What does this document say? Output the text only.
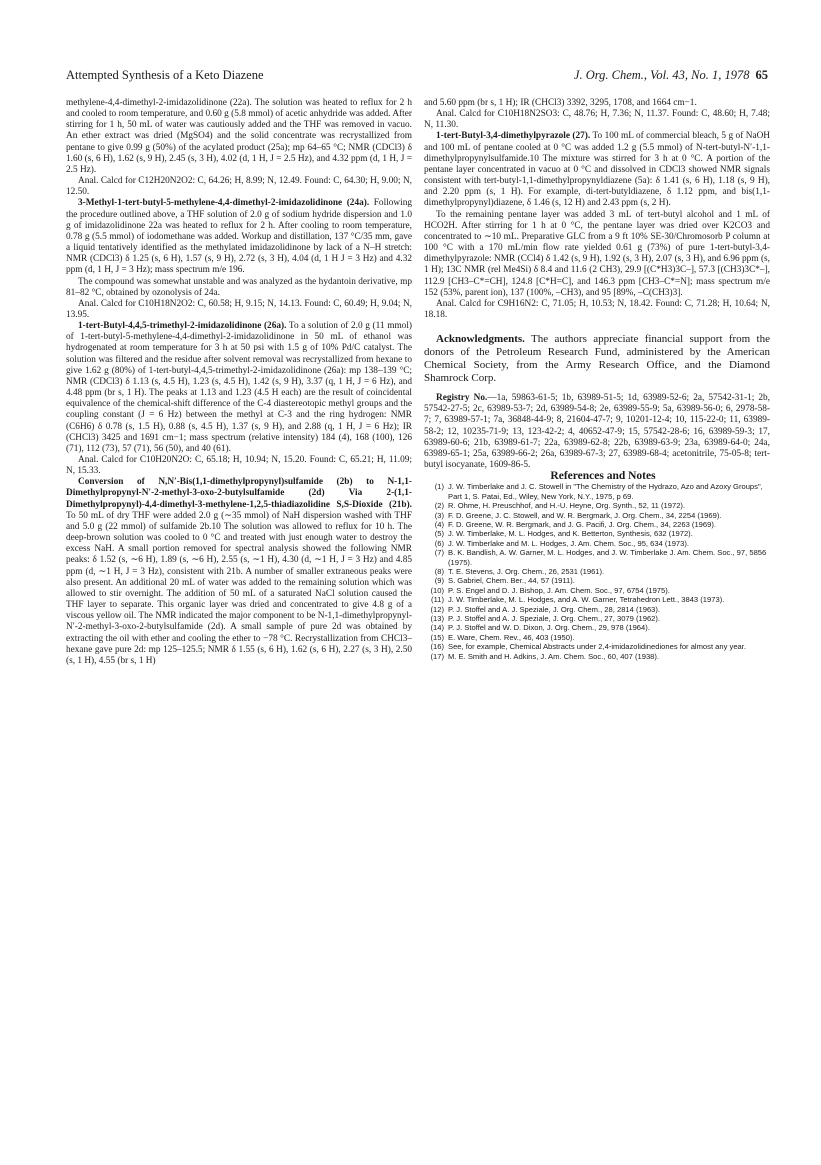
Attempted Synthesis of a Keto Diazene	J. Org. Chem., Vol. 43, No. 1, 1978 65

methylene-4,4-dimethyl-2-imidazolidinone (22a). The solution was heated to reflux for 2 h and cooled to room temperature, and 0.60 g (5.8 mmol) of acetic anhydride was added. After stirring for 1 h, 50 mL of water was cautiously added and the THF was removed in vacuo. An ether extract was dried (MgSO4) and the solid concentrate was recrystallized from pentane to give 0.99 g (50%) of the acylated product (25a); mp 64–65 °C; NMR (CDCl3) δ 1.60 (s, 6 H), 1.62 (s, 9 H), 2.45 (s, 3 H), 4.02 (d, 1 H, J = 2.5 Hz), and 4.32 ppm (d, 1 H, J = 2.5 Hz).

Anal. Calcd for C12H20N2O2: C, 64.26; H, 8.99; N, 12.49. Found: C, 64.30; H, 9.00; N, 12.50.

3-Methyl-1-tert-butyl-5-methylene-4,4-dimethyl-2-imidazolidinone (24a). Following the procedure outlined above, a THF solution of 2.0 g of sodium hydride dispersion and 1.0 g of imidazolidinone 22a was heated to reflux for 2 h. After cooling to room temperature, 0.78 g (5.5 mmol) of iodomethane was added. Workup and distillation, 137 °C/35 mm, gave a liquid tentatively identified as the methylated imidazolidinone by lack of a N–H stretch: NMR (CDCl3) δ 1.25 (s, 6 H), 1.57 (s, 9 H), 2.72 (s, 3 H), 4.04 (d, 1 H J = 3 Hz) and 4.32 ppm (d, 1 H, J = 3 Hz); mass spectrum m/e 196.

The compound was somewhat unstable and was analyzed as the hydantoin derivative, mp 81–82 °C, obtained by ozonolysis of 24a.

Anal. Calcd for C10H18N2O2: C, 60.58; H, 9.15; N, 14.13. Found: C, 60.49; H, 9.04; N, 13.95.

1-tert-Butyl-4,4,5-trimethyl-2-imidazolidinone (26a). To a solution of 2.0 g (11 mmol) of 1-tert-butyl-5-methylene-4,4-dimethyl-2-imidazolidinone in 50 mL of ethanol was hydrogenated at room temperature for 3 h at 50 psi with 1.5 g of 10% Pd/C catalyst. The solution was filtered and the residue after solvent removal was recrystallized from hexane to give 1.62 g (80%) of 1-tert-butyl-4,4,5-trimethyl-2-imidazolidinone (26a): mp 138–139 °C; NMR (CDCl3) δ 1.13 (s, 4.5 H), 1.23 (s, 4.5 H), 1.42 (s, 9 H), 3.37 (q, 1 H, J = 6 Hz), and 4.48 ppm (br s, 1 H). The peaks at 1.13 and 1.23 (4.5 H each) are the result of coincidental equivalence of the chemical-shift difference of the C-4 diastereotopic methyl groups and the coupling constant (J = 6 Hz) between the methyl at C-3 and the ring hydrogen: NMR (C6H6) δ 0.78 (s, 1.5 H), 0.88 (s, 4.5 H), 1.37 (s, 9 H), and 2.88 (q, 1 H, J = 6 Hz); IR (CHCl3) 3425 and 1691 cm−1; mass spectrum (relative intensity) 184 (4), 168 (100), 126 (71), 112 (73), 57 (71), 56 (50), and 40 (61).

Anal. Calcd for C10H20N2O: C, 65.18; H, 10.94; N, 15.20. Found: C, 65.21; H, 11.09; N, 15.33.

Conversion of N,N′-Bis(1,1-dimethylpropynyl)sulfamide (2b) to N-1,1-Dimethylpropynyl-N′-2-methyl-3-oxo-2-butylsulfamide (2d) Via 2-(1,1-Dimethylpropynyl)-4,4-dimethyl-3-methylene-1,2,5-thiadiazolidine S,S-Dioxide (21b). To 50 mL of dry THF were added 2.0 g (∼35 mmol) of NaH dispersion washed with THF and 5.0 g (22 mmol) of sulfamide 2b.10 The solution was allowed to reflux for 10 h. The deep-brown solution was cooled to 0 °C and treated with just enough water to destroy the excess NaH. A small portion removed for spectral analysis showed the following NMR peaks: δ 1.52 (s, ∼6 H), 1.89 (s, ∼6 H), 2.55 (s, ∼1 H), 4.30 (d, ∼1 H, J = 3 Hz) and 4.85 ppm (d, ∼1 H, J = 3 Hz), consistent with 21b. A number of smaller extraneous peaks were also present. An additional 20 mL of water was added to the remaining solution which was allowed to stir overnight. The addition of 50 mL of a saturated NaCl solution caused the THF layer to separate. This organic layer was dried and concentrated to give 4.8 g of a viscous yellow oil. The NMR indicated the major component to be N-1,1-dimethylpropynyl-N′-2-methyl-3-oxo-2-butylsulfamide (2d). A small sample of pure 2d was obtained by extracting the oil with ether and cooling the ether to −78 °C. Recrystallization from CHCl3–hexane gave pure 2d: mp 125–125.5; NMR δ 1.55 (s, 6 H), 1.62 (s, 6 H), 2.27 (s, 3 H), 2.50 (s, 1 H), 4.55 (br s, 1 H)

and 5.60 ppm (br s, 1 H); IR (CHCl3) 3392, 3295, 1708, and 1664 cm−1.

Anal. Calcd for C10H18N2SO3: C, 48.76; H, 7.36; N, 11.37. Found: C, 48.60; H, 7.48; N, 11.30.

1-tert-Butyl-3,4-dimethylpyrazole (27). To 100 mL of commercial bleach, 5 g of NaOH and 100 mL of pentane cooled at 0 °C was added 1.2 g (5.5 mmol) of N-tert-butyl-N′-1,1-dimethylpropynylsulfamide.10 The mixture was stirred for 3 h at 0 °C. A portion of the pentane layer concentrated in vacuo at 0 °C and dissolved in CDCl3 showed NMR signals consistent with tert-butyl-1,1-dimethylpropynyldiazene (5a): δ 1.41 (s, 6 H), 1.18 (s, 9 H), and 2.20 ppm (s, 1 H). For example, di-tert-butyldiazene, δ 1.12 ppm, and bis(1,1-dimethylpropynyl)diazene, δ 1.46 (s, 12 H) and 2.43 ppm (s, 2 H).

To the remaining pentane layer was added 3 mL of tert-butyl alcohol and 1 mL of HCO2H. After stirring for 1 h at 0 °C, the pentane layer was dried over K2CO3 and concentrated to ∼10 mL. Preparative GLC from a 9 ft 10% SE-30/Chromosorb P column at 100 °C with a 170 mL/min flow rate yielded 0.61 g (73%) of pure 1-tert-butyl-3,4-dimethylpyrazole: NMR (CCl4) δ 1.42 (s, 9 H), 1.92 (s, 3 H), 2.07 (s, 3 H), and 6.96 ppm (s, 1 H); 13C NMR (rel Me4Si) δ 8.4 and 11.6 (2 CH3), 29.9 [(C*H3)3C–], 57.3 [(CH3)3C*–], 112.9 [CH3–C*=CH], 124.8 [C*H=C], and 146.3 ppm [CH3–C*=N]; mass spectrum m/e 152 (53%, parent ion), 137 (100%, –CH3), and 95 [89%, –C(CH3)3].

Anal. Calcd for C9H16N2: C, 71.05; H, 10.53; N, 18.42. Found: C, 71.28; H, 10.64; N, 18.18.

Acknowledgments. The authors appreciate financial support from the donors of the Petroleum Research Fund, administered by the American Chemical Society, from the Army Research Office, and the Diamond Shamrock Corp.

Registry No.—1a, 59863-61-5; 1b, 63989-51-5; 1d, 63989-52-6; 2a, 57542-31-1; 2b, 57542-27-5; 2c, 63989-53-7; 2d, 63989-54-8; 2e, 63989-55-9; 5a, 63989-56-0; 6, 2978-58-7; 7, 63989-57-1; 7a, 36848-44-9; 8, 21604-47-7; 9, 10201-12-4; 10, 115-22-0; 11, 63989-58-2; 12, 10235-71-9; 13, 123-42-2; 4, 40652-47-9; 15, 57542-28-6; 16, 63989-59-3; 17, 63989-60-6; 21b, 63989-61-7; 22a, 63989-62-8; 22b, 63989-63-9; 23a, 63989-64-0; 24a, 63989-65-1; 25a, 63989-66-2; 26a, 63989-67-3; 27, 63989-68-4; acetonitrile, 75-05-8; tert-butyl isocyanate, 1609-86-5.

References and Notes

(1) J. W. Timberlake and J. C. Stowell in "The Chemistry of the Hydrazo, Azo and Azoxy Groups", Part 1, S. Patai, Ed., Wiley, New York, N.Y., 1975, p 69.
(2) R. Ohme, H. Preuschhof, and H.-U. Heyne, Org. Synth., 52, 11 (1972).
(3) F. D. Greene, J. C. Stowell, and W. R. Bergmark, J. Org. Chem., 34, 2254 (1969).
(4) F. D. Greene, W. R. Bergmark, and J. G. Pacifi, J. Org. Chem., 34, 2263 (1969).
(5) J. W. Timberlake, M. L. Hodges, and K. Betterton, Synthesis, 632 (1972).
(6) J. W. Timberlake and M. L. Hodges, J. Am. Chem. Soc., 95, 634 (1973).
(7) B. K. Bandlish, A. W. Garner, M. L. Hodges, and J. W. Timberlake J. Am. Chem. Soc., 97, 5856 (1975).
(8) T. E. Stevens, J. Org. Chem., 26, 2531 (1961).
(9) S. Gabriel, Chem. Ber., 44, 57 (1911).
(10) P. S. Engel and D. J. Bishop, J. Am. Chem. Soc., 97, 6754 (1975).
(11) J. W. Timberlake, M. L. Hodges, and A. W. Garner, Tetrahedron Lett., 3843 (1973).
(12) P. J. Stoffel and A. J. Speziale, J. Org. Chem., 28, 2814 (1963).
(13) P. J. Stoffel and A. J. Speziale, J. Org. Chem., 27, 3079 (1962).
(14) P. J. Stoffel and W. D. Dixon, J. Org. Chem., 29, 978 (1964).
(15) E. Ware, Chem. Rev., 46, 403 (1950).
(16) See, for example, Chemical Abstracts under 2,4-imidazolidinediones for almost any year.
(17) M. E. Smith and H. Adkins, J. Am. Chem. Soc., 60, 407 (1938).
